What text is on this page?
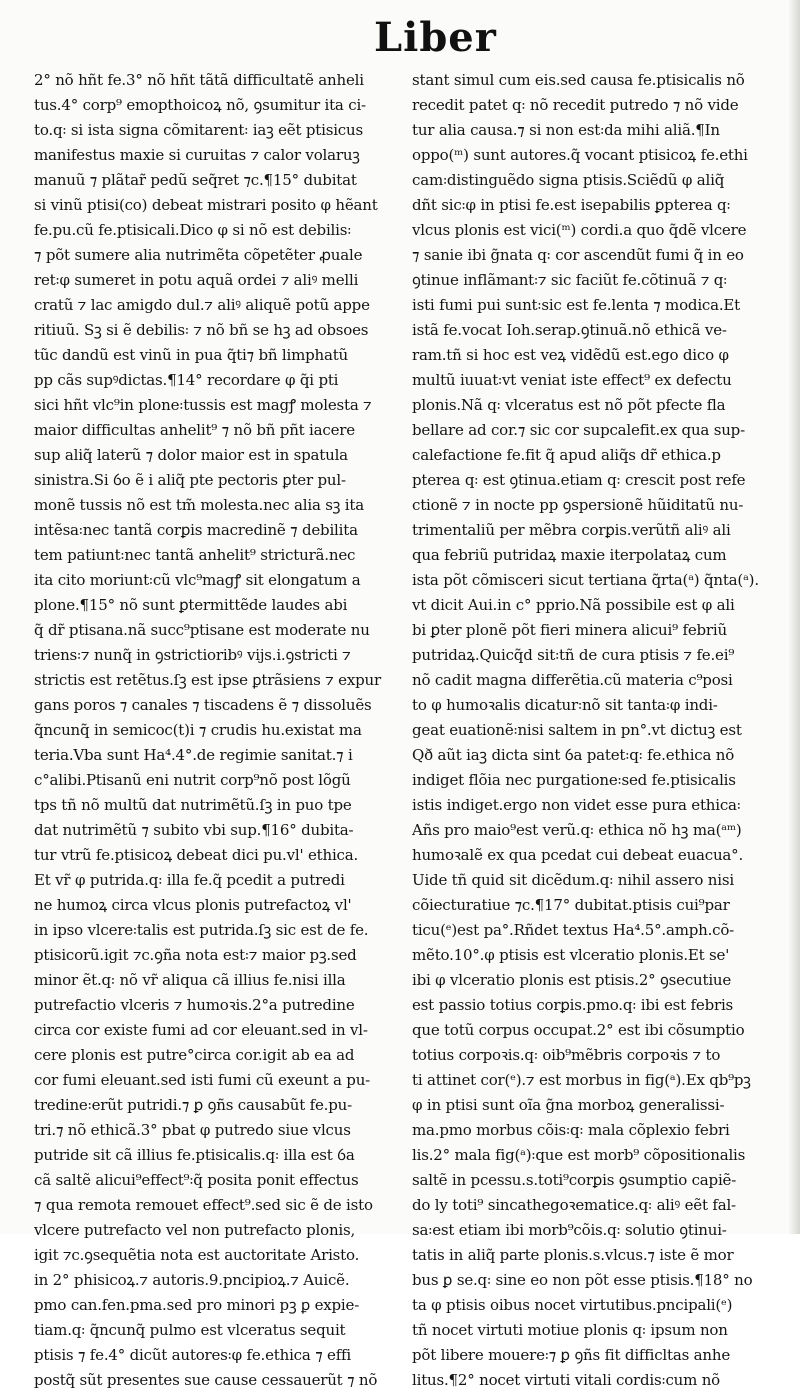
Liber
2° nõ hñt fe.3° nõ hñt tãtã difficultatẽ anheli
tus.4° corp⁹ emopthoicoꝝ nõ, ꝯsumitur ita ci-
to.q꞉ si ista signa cõmitarent꞉ iaꝫ eẽt ptisicus
manifestus maxie si curuitas ⁊ calor volaruꝫ
manuũ ⁊ plãtar̃ pedũ seq̃ret ⁊c.¶15° dubitat
si vinũ ptisi(co) debeat mistrari posito φ hẽant
fe.pu.cũ fe.ptisicali.Dico φ si nõ est debilis꞉
⁊ põt sumere alia nutrimẽta cõpetẽter ꝓuale
ret꞉φ sumeret in potu aquã ordei ⁊ aliꝰ melli
cratũ ⁊ lac amigdo dul.⁊ aliꝰ aliquẽ potũ appe
ritiuũ. Sꝫ si ẽ debilis꞉ ⁊ nõ bñ se hꝫ ad obsoes
tũc dandũ est vinũ in pua q̃ti⁊ bñ limphatũ
pp cãs supꝰdictas.¶14° recordare φ q̃i pti
sici hñt vlc⁹in plone꞉tussis est magꝭ molesta ⁊
maior difficultas anhelit⁹ ⁊ nõ bñ pñt iacere
sup aliq̃ laterũ ⁊ dolor maior est in spatula
sinistra.Si ỽo ẽ i aliq̃ pte pectoris ꝑter pul-
monẽ tussis nõ est tm̃ molesta.nec alia sꝫ ita
intẽsa꞉nec tantã corꝑis macredinẽ ⁊ debilita
tem patiunt꞉nec tantã anhelit⁹ stricturã.nec
ita cito moriunt꞉cũ vlc⁹magꝭ sit elongatum a
plone.¶15° nõ sunt ꝑtermittẽde laudes abi
q̃ dr̃ ptisana.nã succ⁹ptisane est moderate nu
triens꞉⁊ nunq̃ in ꝯstrictioribꝰ vijs.i.ꝯstricti ⁊
strictis est retẽtus.ſꝫ est ipse ꝑtrãsiens ⁊ expur
gans poros ⁊ canales ⁊ tiscadens ẽ ⁊ dissoluẽs
q̃ncunq̃ in semicoc(t)i ⁊ crudis hu.existat ma
teria.Vba sunt Ha⁴.4°.de regimie sanitat.⁊ i
c°alibi.Ptisanũ eni nutrit corp⁹nõ post lõgũ
tps tñ nõ multũ dat nutrimẽtũ.ſꝫ in puo tpe
dat nutrimẽtũ ⁊ subito vbi sup.¶16° dubita-
tur vtrũ fe.ptisicoꝝ debeat dici pu.vl' ethica.
Et vr̃ φ putrida.q꞉ illa fe.q̃ pcedit a putredi
ne humoꝝ circa vlcus plonis putrefactoꝝ vl'
in ipso vlcere꞉talis est putrida.ſꝫ sic est de fe.
ptisicorũ.igit ⁊c.ꝯña nota est꞉⁊ maior pꝫ.sed
minor ẽt.q꞉ nõ vr̃ aliqua cã illius fe.nisi illa
putrefactio vlceris ⁊ humoꝛis.2°a putredine
circa cor existe fumi ad cor eleuant.sed in vl-
cere plonis est putre°circa cor.igit ab ea ad
cor fumi eleuant.sed isti fumi cũ exeunt a pu-
tredine꞉erũt putridi.⁊ ꝑ ꝯñs causabũt fe.pu-
tri.⁊ nõ ethicã.3° pbat φ putredo siue vlcus
putride sit cã illius fe.ptisicalis.q꞉ illa est ỽa
cã saltẽ alicui⁹effect⁹꞉q̃ posita ponit effectus
⁊ qua remota remouet effect⁹.sed sic ẽ de isto
vlcere putrefacto vel non putrefacto plonis,
igit ⁊c.ꝯsequẽtia nota est auctoritate Aristo.
in 2° phisicoꝝ.⁊ autoris.9.pncipioꝝ.⁊ Auicẽ.
pmo can.fen.pma.sed pro minori pꝫ ꝑ expie-
tiam.q꞉ q̃ncunq̃ pulmo est vlceratus sequit
ptisis ⁊ fe.4° dicũt autores꞉φ fe.ethica ⁊ effi
postq̃ sũt presentes sue cause cessauerũt ⁊ nõ
stant simul cum eis.sed causa fe.ptisicalis nõ
recedit patet q꞉ nõ recedit putredo ⁊ nõ vide
tur alia causa.⁊ si non est꞉da mihi aliã.¶In
oppo(ᵐ) sunt autores.q̃ vocant ptisicoꝝ fe.ethi
cam꞉distinguẽdo signa ptisis.Sciẽdũ φ aliq̃
dñt sic꞉φ in ptisi fe.est isepabilis ꝑpterea q꞉
vlcus plonis est vici(ᵐ) cordi.a quo q̃dẽ vlcere
⁊ sanie ibi g̃nata q꞉ cor ascendũt fumi q̃ in eo
ꝯtinue inflãmant꞉⁊ sic faciũt fe.cõtinuã ⁊ q꞉
isti fumi pui sunt꞉sic est fe.lenta ⁊ modica.Et
istã fe.vocat Ioh.serap.ꝯtinuã.nõ ethicã ve-
ram.tñ si hoc est veꝝ vidẽdũ est.ego dico φ
multũ iuuat꞉vt veniat iste effect⁹ ex defectu
plonis.Nã q꞉ vlceratus est nõ põt pfecte fla
bellare ad cor.⁊ sic cor supcalefit.ex qua sup-
calefactione fe.fit q̃ apud aliq̃s dr̃ ethica.p
pterea q꞉ est ꝯtinua.etiam q꞉ crescit post refe
ctionẽ ⁊ in nocte pp ꝯspersionẽ hũiditatũ nu-
trimentaliũ per mẽbra corꝑis.verũtñ aliꝰ ali
qua febriũ putridaꝝ maxie iterpolataꝝ cum
ista põt cõmisceri sicut tertiana q̃rta(ᵃ) q̃nta(ᵃ).
vt dicit Aui.in c° pprio.Nã possibile est φ ali
bi ꝑter plonẽ põt fieri minera alicui⁹ febriũ
putridaꝝ.Quicq̃d sit꞉tñ de cura ptisis ⁊ fe.ei⁹
nõ cadit magna differẽtia.cũ materia c⁹posi
to φ humoꝛalis dicatur꞉nõ sit tanta꞉φ indi-
geat euationẽ꞉nisi saltem in pn°.vt dictuꝫ est
Qð aũt iaꝫ dicta sint ỽa patet꞉q꞉ fe.ethica nõ
indiget flõia nec purgatione꞉sed fe.ptisicalis
istis indiget.ergo non videt esse pura ethica꞉
Añs pro maio⁹est verũ.q꞉ ethica nõ hꝫ ma(ᵃᵐ)
humoꝛalẽ ex qua pcedat cui debeat euacua°.
Uide tñ quid sit dicẽdum.q꞉ nihil assero nisi
cõiecturatiue ⁊c.¶17° dubitat.ptisis cui⁹par
ticu(ᵉ)est pa°.Rñdet textus Ha⁴.5°.amph.cõ-
mẽto.10°.φ ptisis est vlceratio plonis.Et se'
ibi φ vlceratio plonis est ptisis.2° ꝯsecutiue
est passio totius corꝑis.pmo.q꞉ ibi est febris
que totũ corpus occupat.2° est ibi cõsumptio
totius corpoꝛis.q꞉ oib⁹mẽbris corpoꝛis ⁊ to
ti attinet cor(ᵉ).⁊ est morbus in fig(ᵃ).Ex qb⁹pꝫ
φ in ptisi sunt oĩa g̃na morboꝝ generalissi-
ma.pmo morbus cõis꞉q꞉ mala cõplexio febri
lis.2° mala fig(ᵃ)꞉que est morb⁹ cõpositionalis
saltẽ in pcessu.s.toti⁹corꝑis ꝯsumptio capiẽ-
do ly toti⁹ sincathegoꝛematice.q꞉ aliꝰ eẽt fal-
sa꞉est etiam ibi morb⁹cõis.q꞉ solutio ꝯtinui-
tatis in aliq̃ parte plonis.s.vlcus.⁊ iste ẽ mor
bus ꝑ se.q꞉ sine eo non põt esse ptisis.¶18° no
ta φ ptisis oibus nocet virtutibus.pncipali(ᵉ)
tñ nocet virtuti motiue plonis q꞉ ipsum non
põt libere mouere꞉⁊ ꝑ ꝯñs fit difficltas anhe
litus.¶2° nocet virtuti vitali cordis꞉cum nõ
